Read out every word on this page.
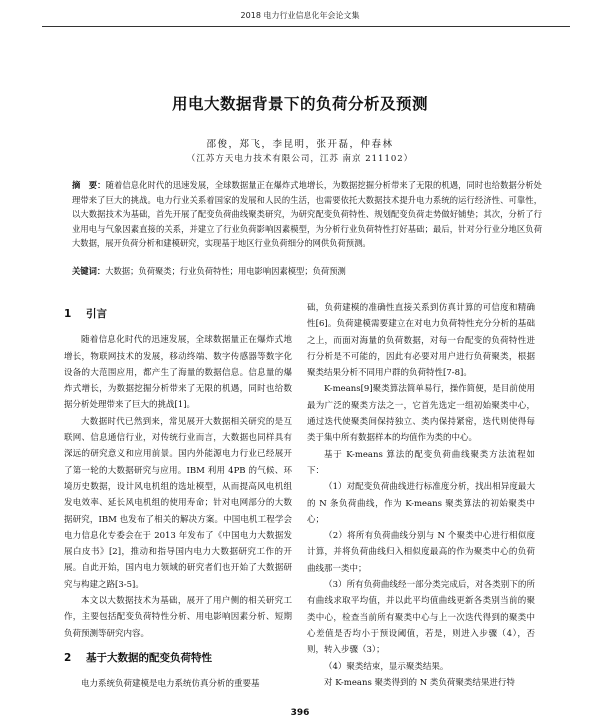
2018 电力行业信息化年会论文集
用电大数据背景下的负荷分析及预测
邵俊，郑飞，李昆明，张开磊，仲春林
（江苏方天电力技术有限公司，江苏 南京 211102）
摘　要：随着信息化时代的迅速发展，全球数据量正在爆炸式地增长，为数据挖掘分析带来了无限的机遇，同时也给数据分析处理带来了巨大的挑战。电力行业关系着国家的发展和人民的生活，也需要依托大数据技术提升电力系统的运行经济性、可靠性，以大数据技术为基础，首先开展了配变负荷曲线聚类研究，为研究配变负荷特性、规划配变负荷走势做好铺垫；其次，分析了行业用电与气象因素直接的关系，并建立了行业负荷影响因素模型，为分析行业负荷特性打好基础；最后，针对分行业分地区负荷大数据，展开负荷分析和建模研究，实现基于地区行业负荷细分的网供负荷预测。
关键词：大数据；负荷聚类；行业负荷特性；用电影响因素模型；负荷预测
1 引言

随着信息化时代的迅速发展，全球数据量正在爆炸式地增长，物联网技术的发展，移动终端、数字传感器等数字化设备的大范围应用，都产生了海量的数据信息。信息量的爆炸式增长，为数据挖掘分析带来了无限的机遇，同时也给数据分析处理带来了巨大的挑战[1]。

大数据时代已然到来，常见展开大数据相关研究的是互联网、信息通信行业，对传统行业而言，大数据也同样具有深远的研究意义和应用前景。国内外能源电力行业已经展开了第一轮的大数据研究与应用。IBM 利用 4PB 的气候、环境历史数据，设计风电机组的选址模型，从而提高风电机组发电效率、延长风电机组的使用寿命；针对电网部分的大数据研究，IBM 也发布了相关的解决方案。中国电机工程学会电力信息化专委会在于 2013 年发布了《中国电力大数据发展白皮书》[2]，推动和指导国内电力大数据研究工作的开展。自此开始，国内电力领域的研究者们也开始了大数据研究与构建之路[3-5]。

本文以大数据技术为基础，展开了用户侧的相关研究工作，主要包括配变负荷特性分析、用电影响因素分析、短期负荷预测等研究内容。

2 基于大数据的配变负荷特性

电力系统负荷建模是电力系统仿真分析的重要基

础，负荷建模的准确性直接关系到仿真计算的可信度和精确性[6]。负荷建模需要建立在对电力负荷特性充分分析的基础之上，而面对海量的负荷数据，对每一台配变的负荷特性进行分析是不可能的，因此有必要对用户进行负荷聚类，根据聚类结果分析不同用户群的负荷特性[7-8]。

K-means[9]聚类算法简单易行，操作简便，是目前使用最为广泛的聚类方法之一，它首先选定一组初始聚类中心，通过迭代使聚类间保持独立、类内保持紧密，迭代则使得每类于集中所有数据样本的均值作为类的中心。

基于 K-means 算法的配变负荷曲线聚类方法流程如下：

（1）对配变负荷曲线进行标准度分析，找出相异度最大的 N 条负荷曲线，作为 K-means 聚类算法的初始聚类中心；

（2）将所有负荷曲线分别与 N 个聚类中心进行相似度计算，并将负荷曲线归入相似度最高的作为聚类中心的负荷曲线那一类中；

（3）所有负荷曲线经一部分类完成后，对各类别下的所有曲线求取平均值，并以此平均值曲线更新各类别当前的聚类中心，检查当前所有聚类中心与上一次迭代得到的聚类中心差值是否均小于预设阈值，若是，则进入步骤（4），否则，转入步骤（3）；

（4）聚类结束，显示聚类结果。

对 K-means 聚类得到的 N 类负荷聚类结果进行特

396
